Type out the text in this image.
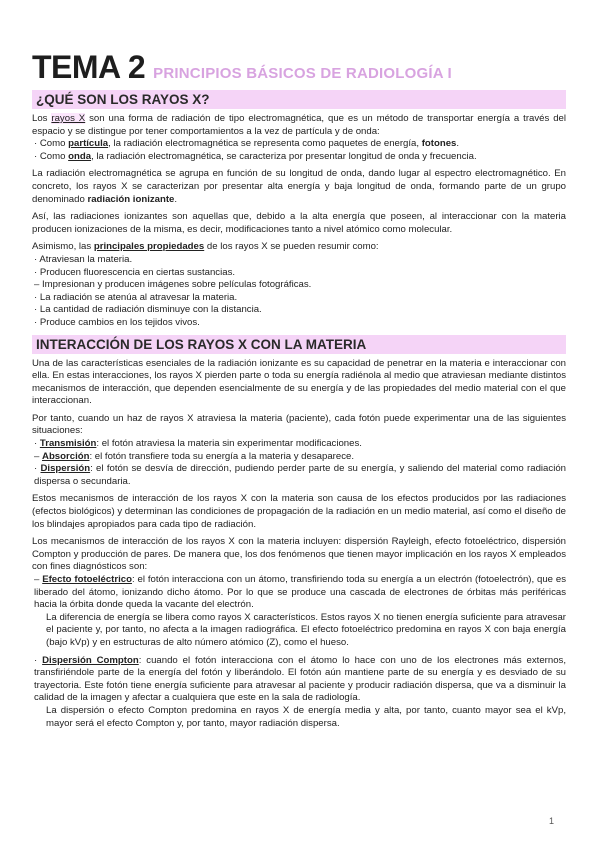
TEMA 2 PRINCIPIOS BÁSICOS DE RADIOLOGÍA I
¿QUÉ SON LOS RAYOS X?

Los rayos X son una forma de radiación de tipo electromagnética, que es un método de transportar energía a través del espacio y se distingue por tener comportamientos a la vez de partícula y de onda:

· Como partícula, la radiación electromagnética se representa como paquetes de energía, fotones.
· Como onda, la radiación electromagnética, se caracteriza por presentar longitud de onda y frecuencia.

La radiación electromagnética se agrupa en función de su longitud de onda, dando lugar al espectro electromagnético. En concreto, los rayos X se caracterizan por presentar alta energía y baja longitud de onda, formando parte de un grupo denominado radiación ionizante.

Así, las radiaciones ionizantes son aquellas que, debido a la alta energía que poseen, al interaccionar con la materia producen ionizaciones de la misma, es decir, modificaciones tanto a nivel atómico como molecular.

Asimismo, las principales propiedades de los rayos X se pueden resumir como:

· Atraviesan la materia.
· Producen fluorescencia en ciertas sustancias.
– Impresionan y producen imágenes sobre películas fotográficas.
· La radiación se atenúa al atravesar la materia.
· La cantidad de radiación disminuye con la distancia.
· Produce cambios en los tejidos vivos.
INTERACCIÓN DE LOS RAYOS X CON LA MATERIA

Una de las características esenciales de la radiación ionizante es su capacidad de penetrar en la materia e interaccionar con ella. En estas interacciones, los rayos X pierden parte o toda su energía radiénola al medio que atraviesan mediante distintos mecanismos de interacción, que dependen esencialmente de su energía y de las propiedades del medio material con el que interaccionan.

Por tanto, cuando un haz de rayos X atraviesa la materia (paciente), cada fotón puede experimentar una de las siguientes situaciones:

· Transmisión: el fotón atraviesa la materia sin experimentar modificaciones.
– Absorción: el fotón transfiere toda su energía a la materia y desaparece.
· Dispersión: el fotón se desvía de dirección, pudiendo perder parte de su energía, y saliendo del material como radiación dispersa o secundaria.

Estos mecanismos de interacción de los rayos X con la materia son causa de los efectos producidos por las radiaciones (efectos biológicos) y determinan las condiciones de propagación de la radiación en un medio material, así como el diseño de los blindajes apropiados para cada tipo de radiación.

Los mecanismos de interacción de los rayos X con la materia incluyen: dispersión Rayleigh, efecto fotoeléctrico, dispersión Compton y producción de pares. De manera que, los dos fenómenos que tienen mayor implicación en los rayos X empleados con fines diagnósticos son:

– Efecto fotoeléctrico: el fotón interacciona con un átomo, transfiriendo toda su energía a un electrón (fotoelectrón), que es liberado del átomo, ionizando dicho átomo. Por lo que se produce una cascada de electrones de órbitas más periféricas hacia la órbita donde queda la vacante del electrón.

La diferencia de energía se libera como rayos X característicos. Estos rayos X no tienen energía suficiente para atravesar el paciente y, por tanto, no afecta a la imagen radiográfica. El efecto fotoeléctrico predomina en rayos X con baja energía (bajo kVp) y en estructuras de alto número atómico (Z), como el hueso.

· Dispersión Compton: cuando el fotón interacciona con el átomo lo hace con uno de los electrones más externos, transfiriéndole parte de la energía del fotón y liberándolo. El fotón aún mantiene parte de su energía y es desviado de su trayectoria. Este fotón tiene energía suficiente para atravesar al paciente y producir radiación dispersa, que va a disminuir la calidad de la imagen y afectar a cualquiera que este en la sala de radiología.

La dispersión o efecto Compton predomina en rayos X de energía media y alta, por tanto, cuanto mayor sea el kVp, mayor será el efecto Compton y, por tanto, mayor radiación dispersa.

1
